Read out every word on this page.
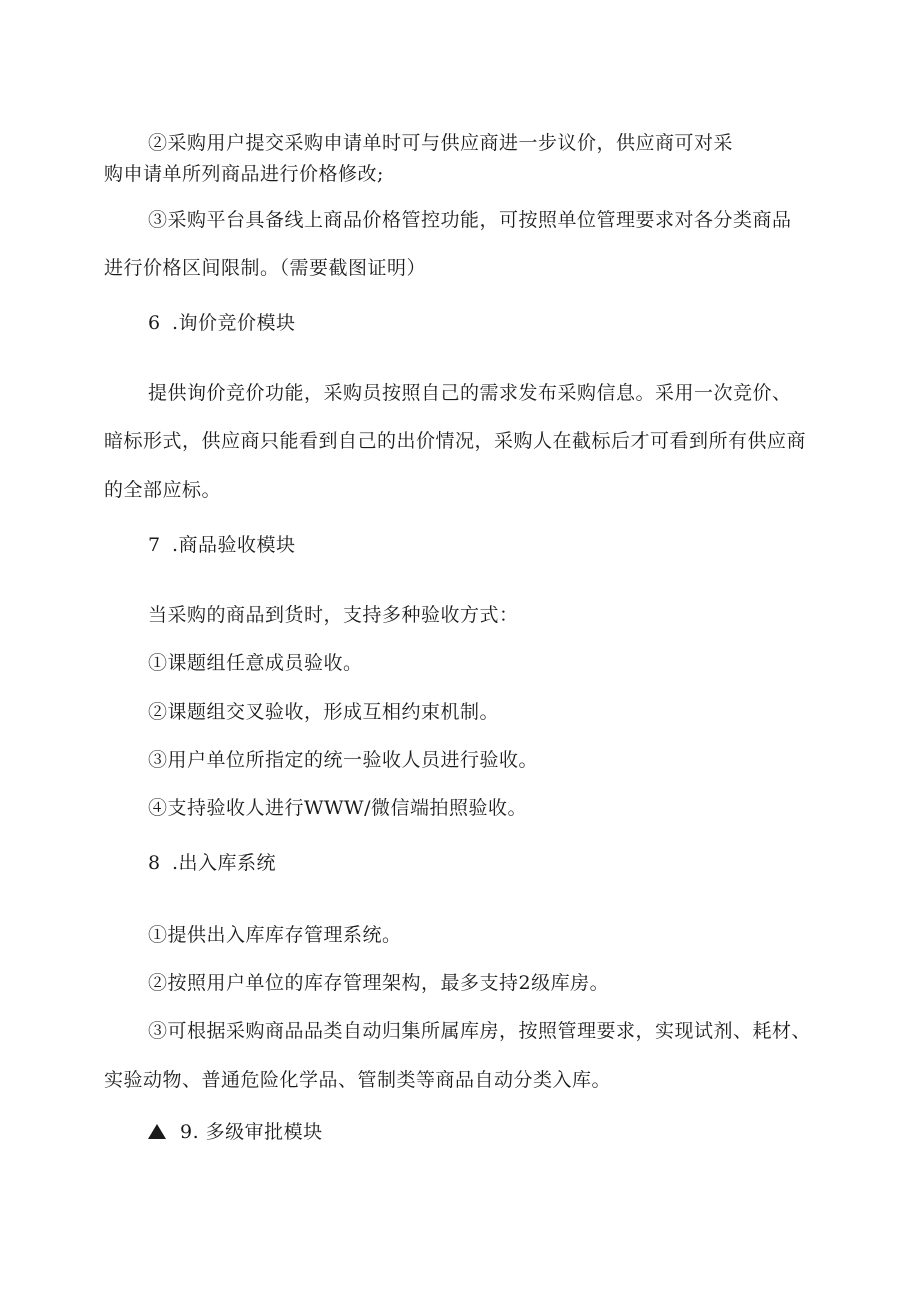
②采购用户提交采购申请单时可与供应商进一步议价，供应商可对采
购申请单所列商品进行价格修改;
③采购平台具备线上商品价格管控功能，可按照单位管理要求对各分类商品
进行价格区间限制。（需要截图证明）
6 .询价竞价模块
提供询价竞价功能，采购员按照自己的需求发布采购信息。采用一次竞价、
暗标形式，供应商只能看到自己的出价情况，采购人在截标后才可看到所有供应商
的全部应标。
7 .商品验收模块
当采购的商品到货时，支持多种验收方式：
①课题组任意成员验收。
②课题组交叉验收，形成互相约束机制。
③用户单位所指定的统一验收人员进行验收。
④支持验收人进行WWW/微信端拍照验收。
8 .出入库系统
①提供出入库库存管理系统。
②按照用户单位的库存管理架构，最多支持2级库房。
③可根据采购商品品类自动归集所属库房，按照管理要求，实现试剂、耗材、
实验动物、普通危险化学品、管制类等商品自动分类入库。
9. 多级审批模块
